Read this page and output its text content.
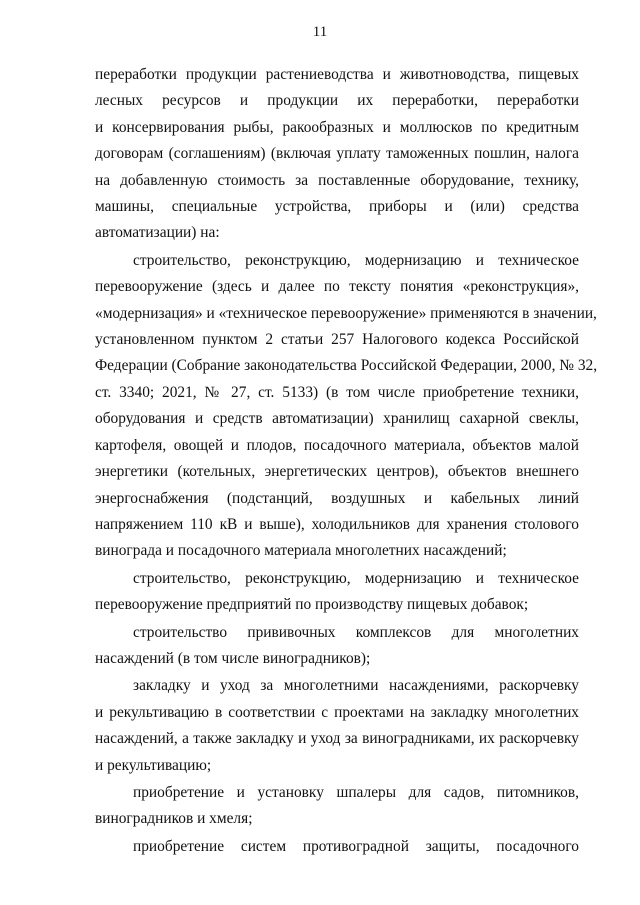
11

переработки продукции растениеводства и животноводства, пищевых
лесных ресурсов и продукции их переработки, переработки
и консервирования рыбы, ракообразных и моллюсков по кредитным
договорам (соглашениям) (включая уплату таможенных пошлин, налога
на добавленную стоимость за поставленные оборудование, технику,
машины, специальные устройства, приборы и (или) средства
автоматизации) на:

строительство, реконструкцию, модернизацию и техническое
перевооружение (здесь и далее по тексту понятия «реконструкция»,
«модернизация» и «техническое перевооружение» применяются в значении,
установленном пунктом 2 статьи 257 Налогового кодекса Российской
Федерации (Собрание законодательства Российской Федерации, 2000, № 32,
ст. 3340; 2021, № 27, ст. 5133) (в том числе приобретение техники,
оборудования и средств автоматизации) хранилищ сахарной свеклы,
картофеля, овощей и плодов, посадочного материала, объектов малой
энергетики (котельных, энергетических центров), объектов внешнего
энергоснабжения (подстанций, воздушных и кабельных линий
напряжением 110 кВ и выше), холодильников для хранения столового
винограда и посадочного материала многолетних насаждений;

строительство, реконструкцию, модернизацию и техническое
перевооружение предприятий по производству пищевых добавок;

строительство прививочных комплексов для многолетних
насаждений (в том числе виноградников);

закладку и уход за многолетними насаждениями, раскорчевку
и рекультивацию в соответствии с проектами на закладку многолетних
насаждений, а также закладку и уход за виноградниками, их раскорчевку
и рекультивацию;

приобретение и установку шпалеры для садов, питомников,
виноградников и хмеля;

приобретение систем противоградной защиты, посадочного
